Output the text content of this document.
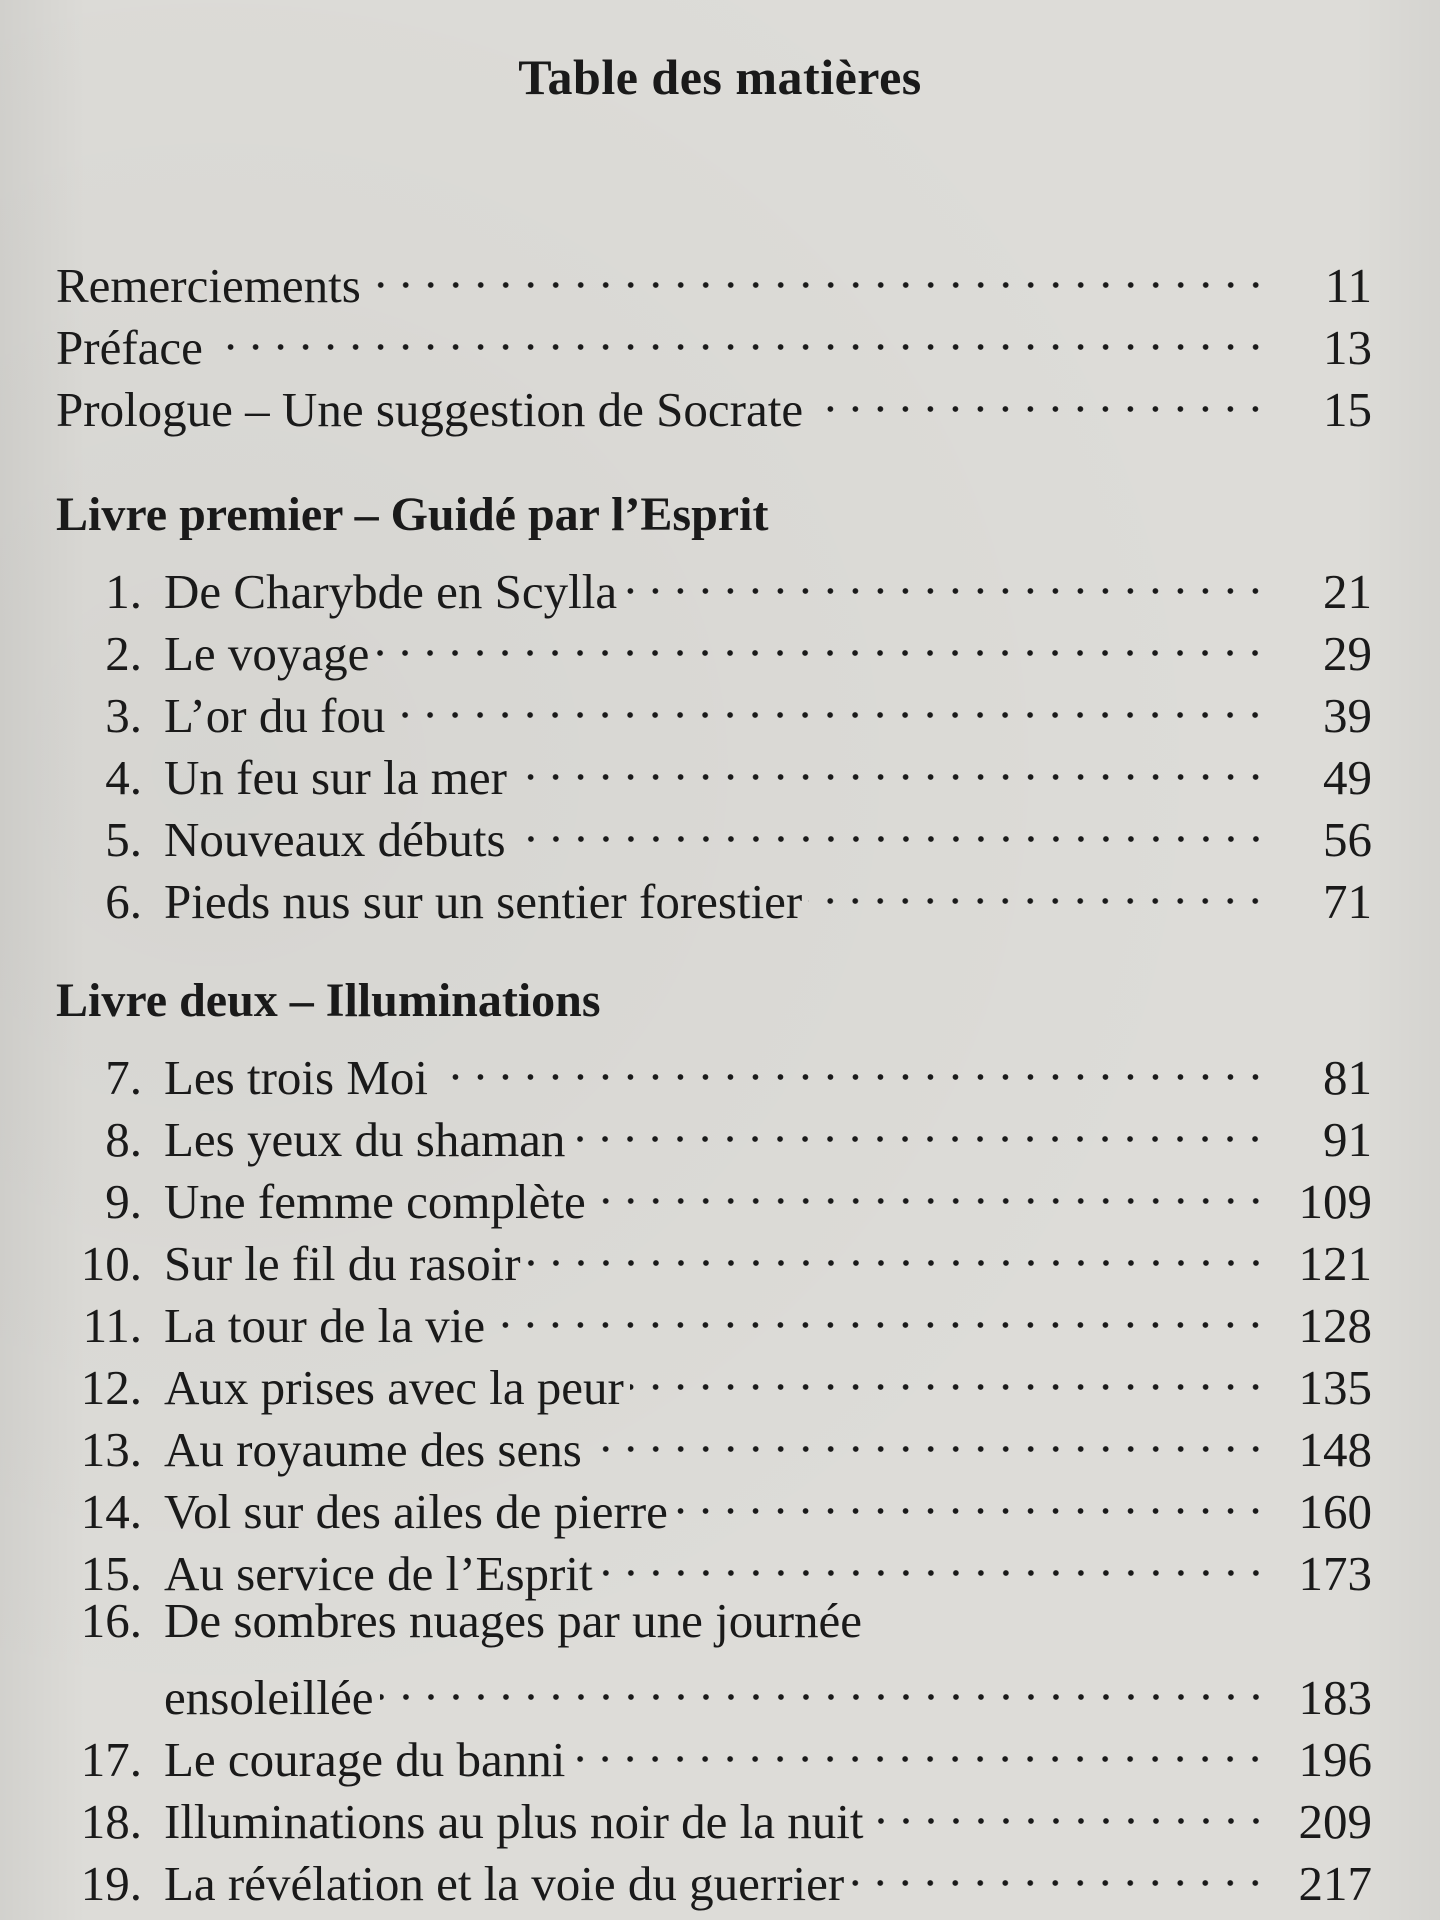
Table des matières
Remerciements	11
Préface	13
Prologue – Une suggestion de Socrate	15
Livre premier – Guidé par l’Esprit
1. De Charybde en Scylla	21
2. Le voyage	29
3. L’or du fou	39
4. Un feu sur la mer	49
5. Nouveaux débuts	56
6. Pieds nus sur un sentier forestier	71
Livre deux – Illuminations
7. Les trois Moi	81
8. Les yeux du shaman	91
9. Une femme complète	109
10. Sur le fil du rasoir	121
11. La tour de la vie	128
12. Aux prises avec la peur	135
13. Au royaume des sens	148
14. Vol sur des ailes de pierre	160
15. Au service de l’Esprit	173
16. De sombres nuages par une journée
ensoleillée	183
17. Le courage du banni	196
18. Illuminations au plus noir de la nuit	209
19. La révélation et la voie du guerrier	217
